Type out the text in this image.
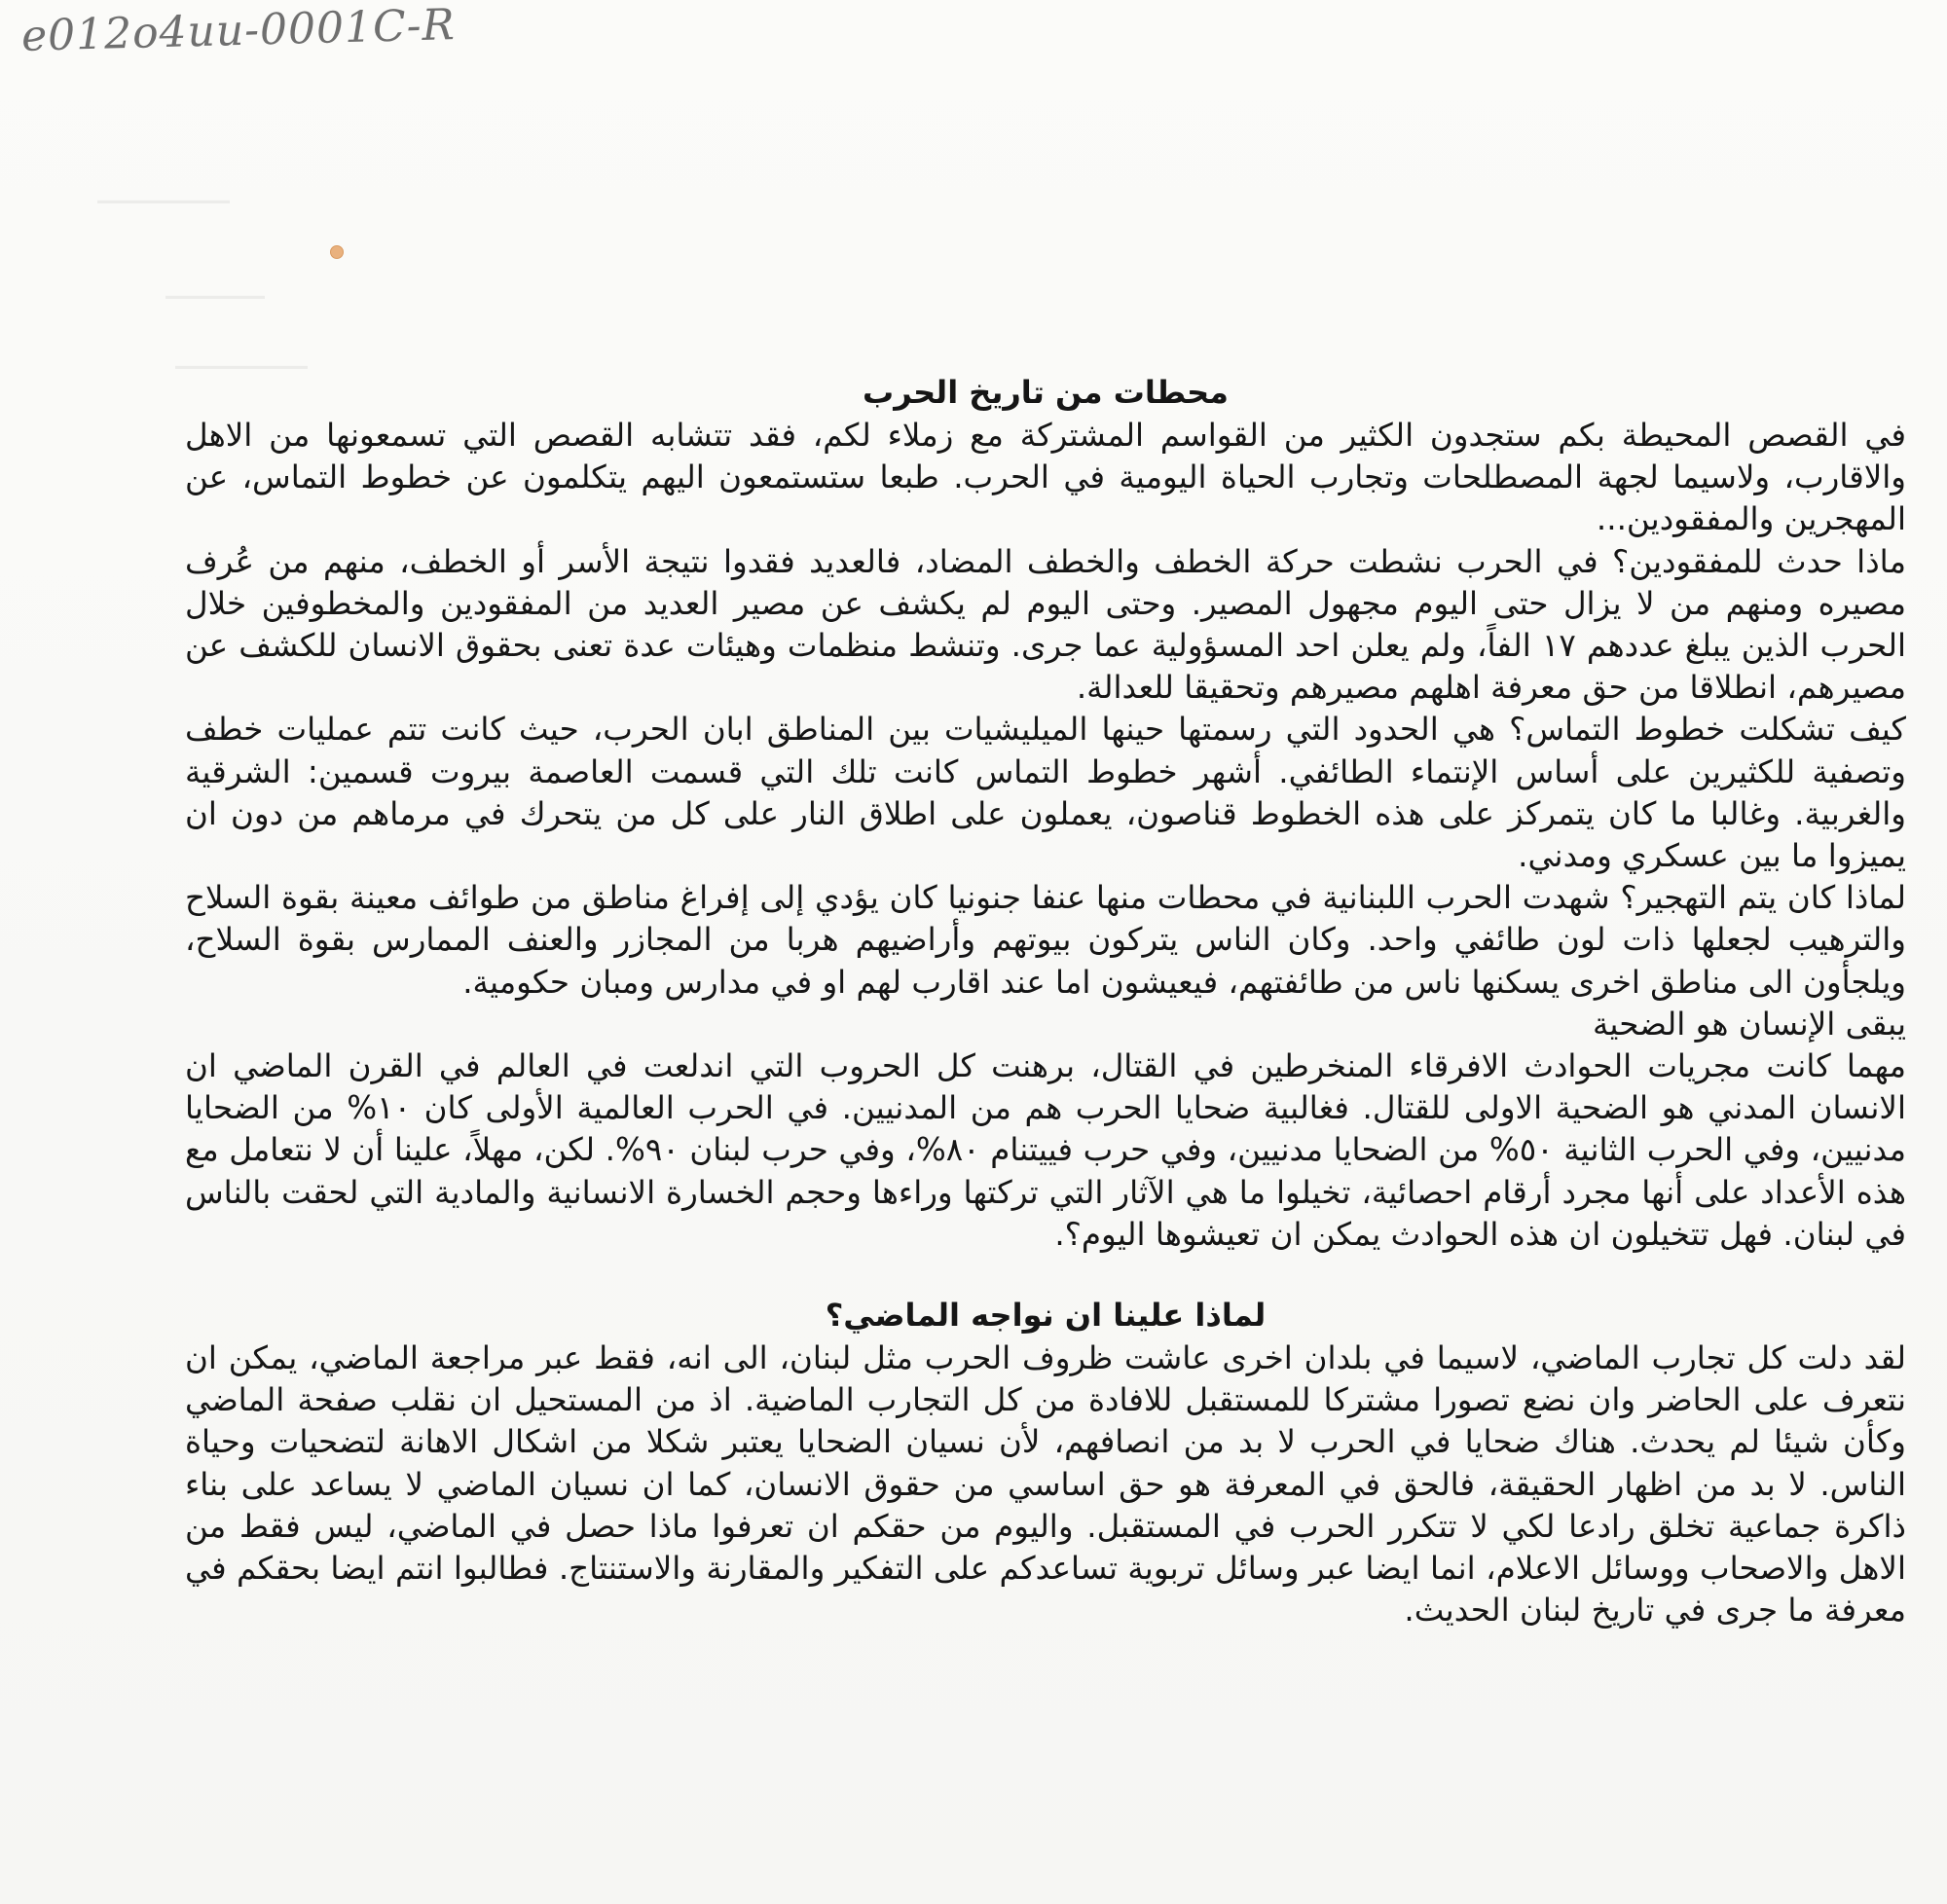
e012o4uu-0001C-R
________
______
________
محطات من تاريخ الحرب

في القصص المحيطة بكم ستجدون الكثير من القواسم المشتركة مع زملاء لكم، فقد تتشابه القصص التي تسمعونها من الاهل والاقارب، ولاسيما لجهة المصطلحات وتجارب الحياة اليومية في الحرب. طبعا ستستمعون اليهم يتكلمون عن خطوط التماس، عن المهجرين والمفقودين...

ماذا حدث للمفقودين؟ في الحرب نشطت حركة الخطف والخطف المضاد، فالعديد فقدوا نتيجة الأسر أو الخطف، منهم من عُرف مصيره ومنهم من لا يزال حتى اليوم مجهول المصير. وحتى اليوم لم يكشف عن مصير العديد من المفقودين والمخطوفين خلال الحرب الذين يبلغ عددهم ١٧ الفاً، ولم يعلن احد المسؤولية عما جرى. وتنشط منظمات وهيئات عدة تعنى بحقوق الانسان للكشف عن مصيرهم، انطلاقا من حق معرفة اهلهم مصيرهم وتحقيقا للعدالة.

كيف تشكلت خطوط التماس؟ هي الحدود التي رسمتها حينها الميليشيات بين المناطق ابان الحرب، حيث كانت تتم عمليات خطف وتصفية للكثيرين على أساس الإنتماء الطائفي. أشهر خطوط التماس كانت تلك التي قسمت العاصمة بيروت قسمين: الشرقية والغربية. وغالبا ما كان يتمركز على هذه الخطوط قناصون، يعملون على اطلاق النار على كل من يتحرك في مرماهم من دون ان يميزوا ما بين عسكري ومدني.

لماذا كان يتم التهجير؟ شهدت الحرب اللبنانية في محطات منها عنفا جنونيا كان يؤدي إلى إفراغ مناطق من طوائف معينة بقوة السلاح والترهيب لجعلها ذات لون طائفي واحد. وكان الناس يتركون بيوتهم وأراضيهم هربا من المجازر والعنف الممارس بقوة السلاح، ويلجأون الى مناطق اخرى يسكنها ناس من طائفتهم، فيعيشون اما عند اقارب لهم او في مدارس ومبان حكومية.

يبقى الإنسان هو الضحية

مهما كانت مجريات الحوادث الافرقاء المنخرطين في القتال، برهنت كل الحروب التي اندلعت في العالم في القرن الماضي ان الانسان المدني هو الضحية الاولى للقتال. فغالبية ضحايا الحرب هم من المدنيين. في الحرب العالمية الأولى كان ١٠% من الضحايا مدنيين، وفي الحرب الثانية ٥٠% من الضحايا مدنيين، وفي حرب فييتنام ٨٠%، وفي حرب لبنان ٩٠%. لكن، مهلاً، علينا أن لا نتعامل مع هذه الأعداد على أنها مجرد أرقام احصائية، تخيلوا ما هي الآثار التي تركتها وراءها وحجم الخسارة الانسانية والمادية التي لحقت بالناس في لبنان. فهل تتخيلون ان هذه الحوادث يمكن ان تعيشوها اليوم؟.

لماذا علينا ان نواجه الماضي؟

لقد دلت كل تجارب الماضي، لاسيما في بلدان اخرى عاشت ظروف الحرب مثل لبنان، الى انه، فقط عبر مراجعة الماضي، يمكن ان نتعرف على الحاضر وان نضع تصورا مشتركا للمستقبل للافادة من كل التجارب الماضية. اذ من المستحيل ان نقلب صفحة الماضي وكأن شيئا لم يحدث. هناك ضحايا في الحرب لا بد من انصافهم، لأن نسيان الضحايا يعتبر شكلا من اشكال الاهانة لتضحيات وحياة الناس. لا بد من اظهار الحقيقة، فالحق في المعرفة هو حق اساسي من حقوق الانسان، كما ان نسيان الماضي لا يساعد على بناء ذاكرة جماعية تخلق رادعا لكي لا تتكرر الحرب في المستقبل. واليوم من حقكم ان تعرفوا ماذا حصل في الماضي، ليس فقط من الاهل والاصحاب ووسائل الاعلام، انما ايضا عبر وسائل تربوية تساعدكم على التفكير والمقارنة والاستنتاج. فطالبوا انتم ايضا بحقكم في معرفة ما جرى في تاريخ لبنان الحديث.
